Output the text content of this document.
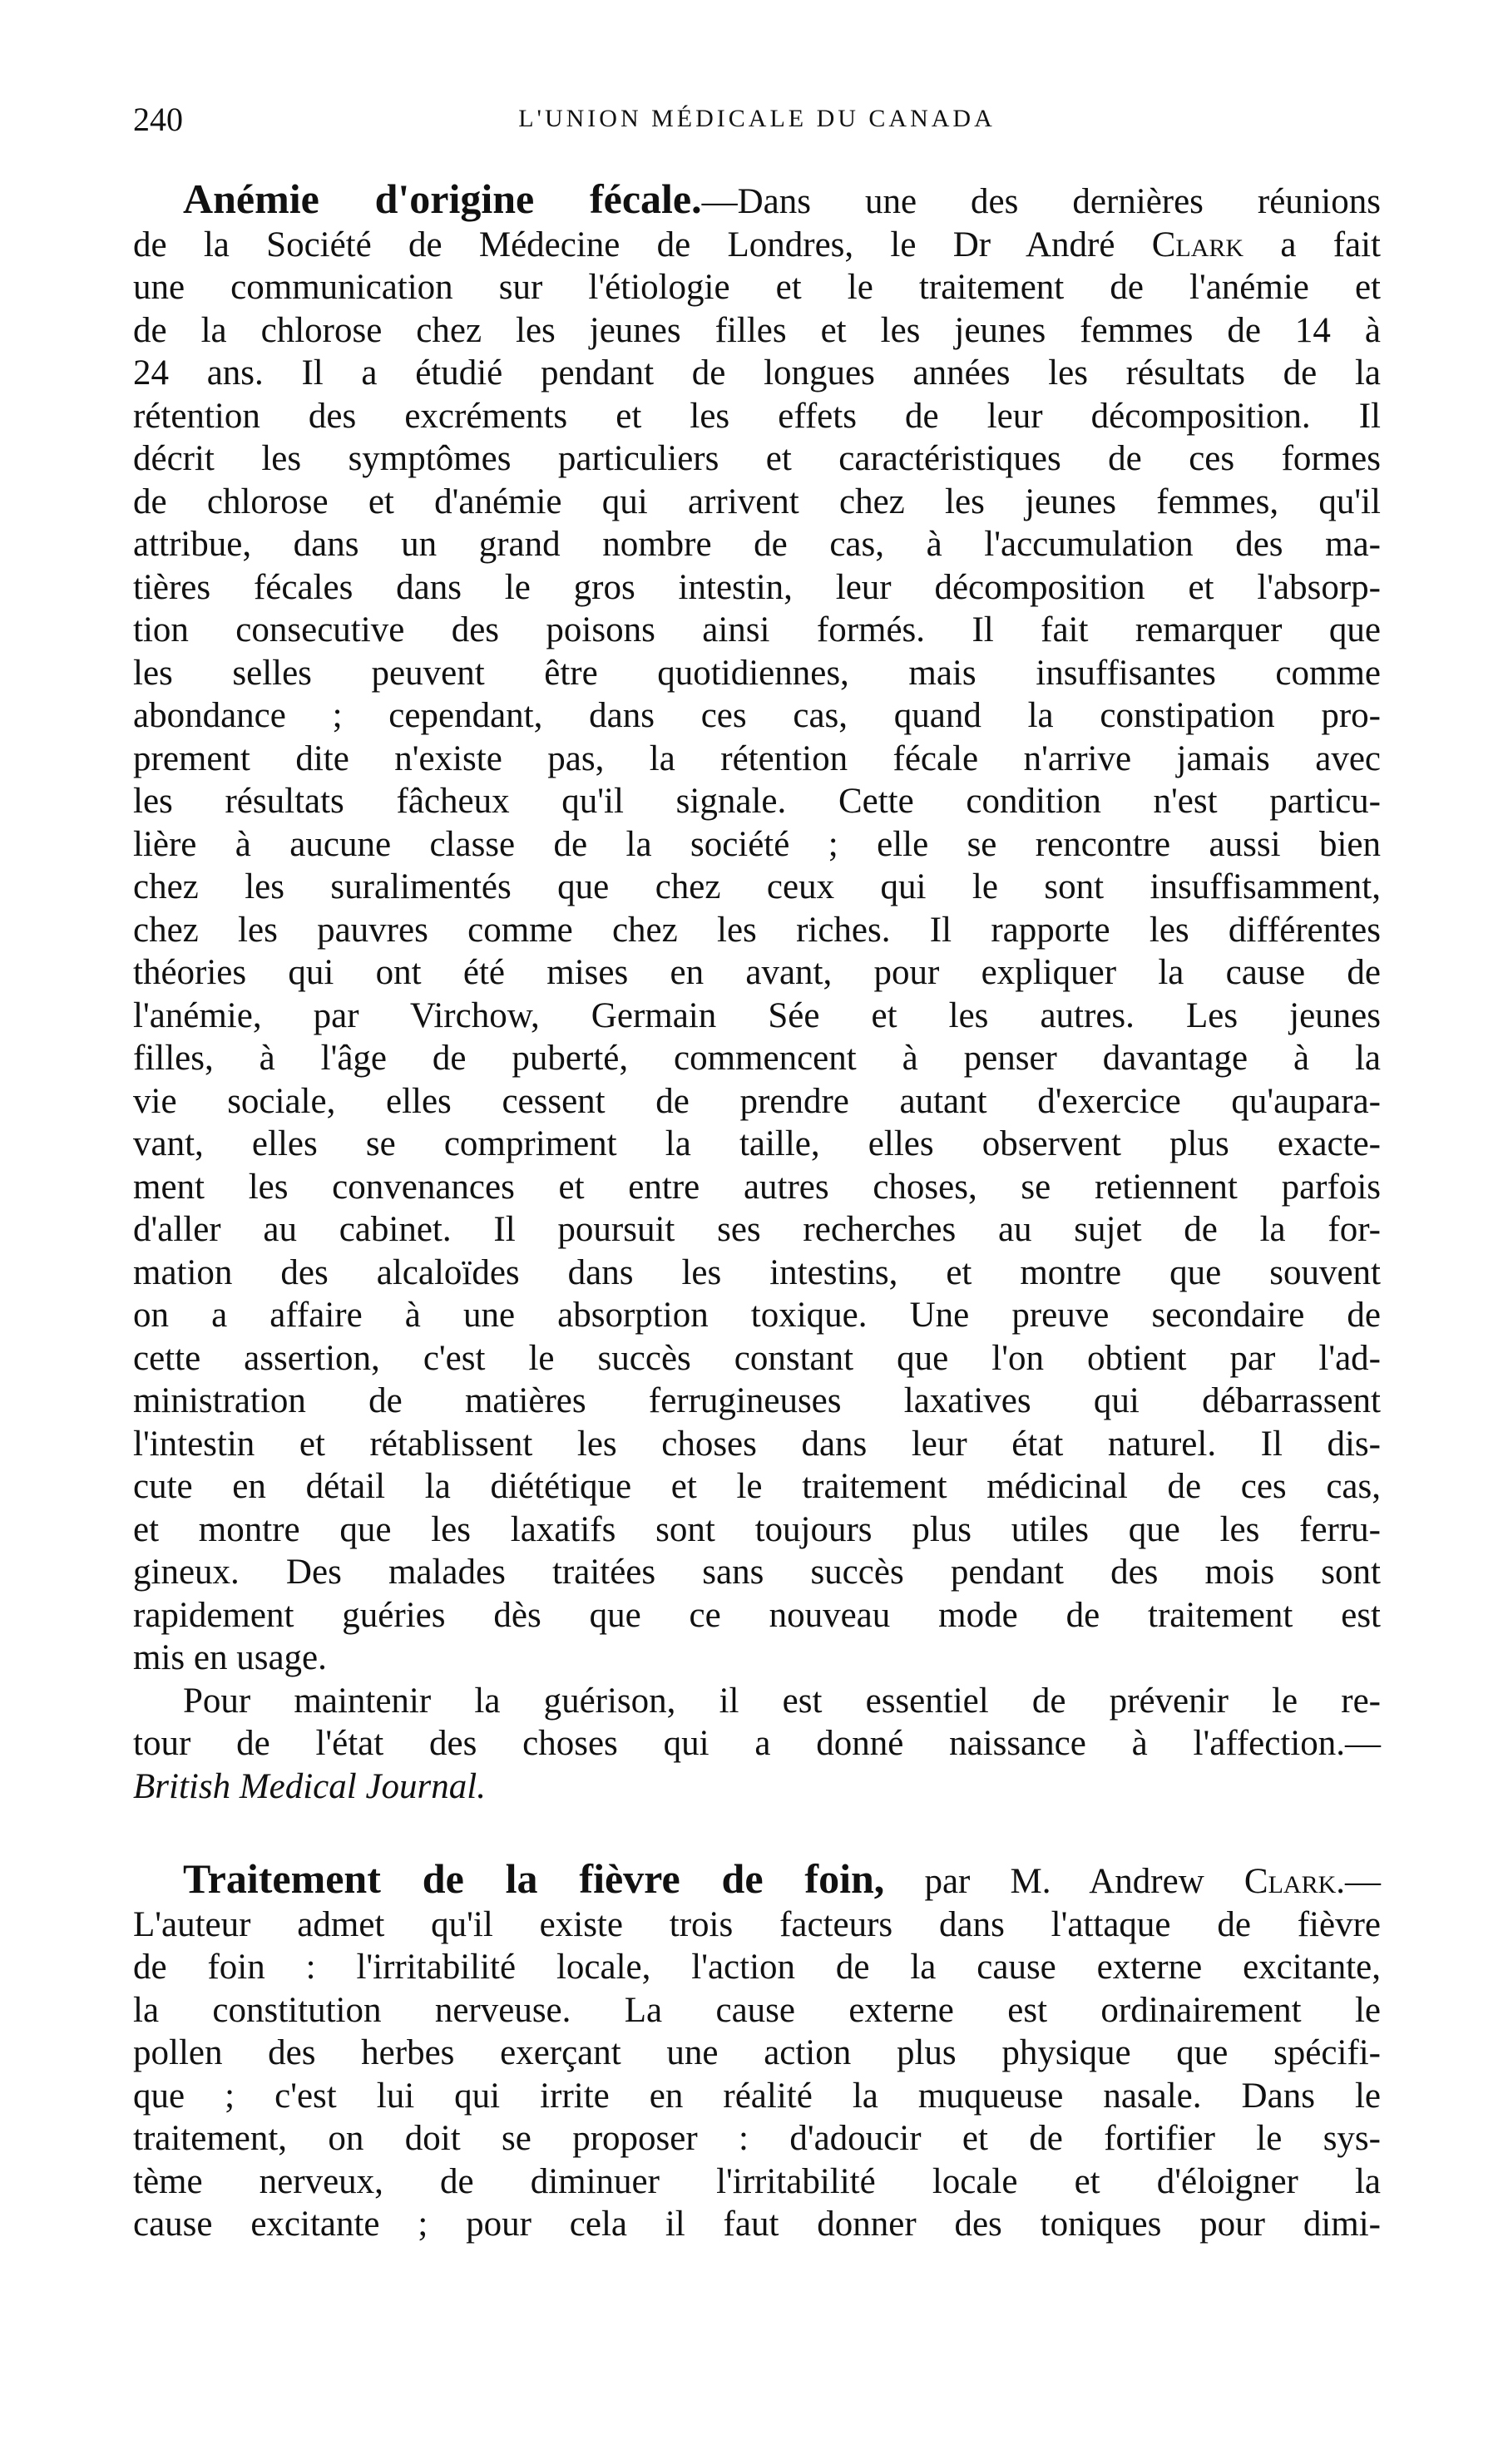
240	L'UNION MÉDICALE DU CANADA
Anémie d'origine fécale.—Dans une des dernières réunions
de la Société de Médecine de Londres, le Dr André Clark a fait
une communication sur l'étiologie et le traitement de l'anémie et
de la chlorose chez les jeunes filles et les jeunes femmes de 14 à
24 ans. Il a étudié pendant de longues années les résultats de la
rétention des excréments et les effets de leur décomposition. Il
décrit les symptômes particuliers et caractéristiques de ces formes
de chlorose et d'anémie qui arrivent chez les jeunes femmes, qu'il
attribue, dans un grand nombre de cas, à l'accumulation des ma-
tières fécales dans le gros intestin, leur décomposition et l'absorp-
tion consecutive des poisons ainsi formés. Il fait remarquer que
les selles peuvent être quotidiennes, mais insuffisantes comme
abondance ; cependant, dans ces cas, quand la constipation pro-
prement dite n'existe pas, la rétention fécale n'arrive jamais avec
les résultats fâcheux qu'il signale. Cette condition n'est particu-
lière à aucune classe de la société ; elle se rencontre aussi bien
chez les suralimentés que chez ceux qui le sont insuffisamment,
chez les pauvres comme chez les riches. Il rapporte les différentes
théories qui ont été mises en avant, pour expliquer la cause de
l'anémie, par Virchow, Germain Sée et les autres. Les jeunes
filles, à l'âge de puberté, commencent à penser davantage à la
vie sociale, elles cessent de prendre autant d'exercice qu'aupara-
vant, elles se compriment la taille, elles observent plus exacte-
ment les convenances et entre autres choses, se retiennent parfois
d'aller au cabinet. Il poursuit ses recherches au sujet de la for-
mation des alcaloïdes dans les intestins, et montre que souvent
on a affaire à une absorption toxique. Une preuve secondaire de
cette assertion, c'est le succès constant que l'on obtient par l'ad-
ministration de matières ferrugineuses laxatives qui débarrassent
l'intestin et rétablissent les choses dans leur état naturel. Il dis-
cute en détail la diététique et le traitement médicinal de ces cas,
et montre que les laxatifs sont toujours plus utiles que les ferru-
gineux. Des malades traitées sans succès pendant des mois sont
rapidement guéries dès que ce nouveau mode de traitement est
mis en usage.
Pour maintenir la guérison, il est essentiel de prévenir le re-
tour de l'état des choses qui a donné naissance à l'affection.—
British Medical Journal.
Traitement de la fièvre de foin, par M. Andrew Clark.—
L'auteur admet qu'il existe trois facteurs dans l'attaque de fièvre
de foin : l'irritabilité locale, l'action de la cause externe excitante,
la constitution nerveuse. La cause externe est ordinairement le
pollen des herbes exerçant une action plus physique que spécifi-
que ; c'est lui qui irrite en réalité la muqueuse nasale. Dans le
traitement, on doit se proposer : d'adoucir et de fortifier le sys-
tème nerveux, de diminuer l'irritabilité locale et d'éloigner la
cause excitante ; pour cela il faut donner des toniques pour dimi-
